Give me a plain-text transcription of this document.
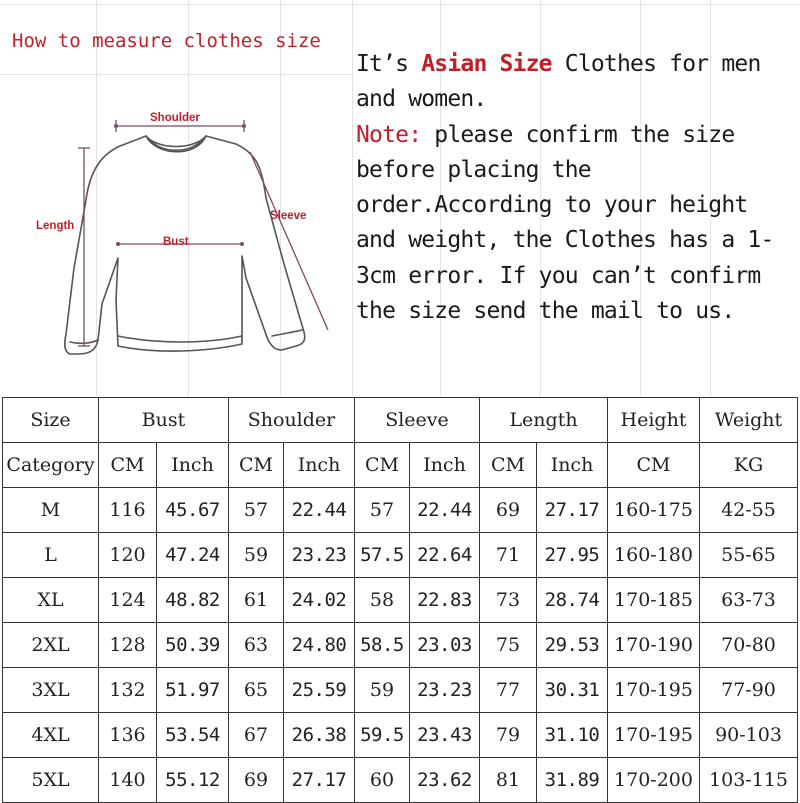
How to measure clothes size
Shoulder
Length
Bust
Sleeve
It’s Asian Size Clothes for men and women.
Note: please confirm the size before placing the order.According to your height and weight, the Clothes has a 1-3cm error. If you can’t confirm the size send the mail to us.
Size	Bust		Shoulder		Sleeve		Length		Height	Weight
Category	CM	Inch	CM	Inch	CM	Inch	CM	Inch	CM	KG
M	116	45.67	57	22.44	57	22.44	69	27.17	160-175	42-55
L	120	47.24	59	23.23	57.5	22.64	71	27.95	160-180	55-65
XL	124	48.82	61	24.02	58	22.83	73	28.74	170-185	63-73
2XL	128	50.39	63	24.80	58.5	23.03	75	29.53	170-190	70-80
3XL	132	51.97	65	25.59	59	23.23	77	30.31	170-195	77-90
4XL	136	53.54	67	26.38	59.5	23.43	79	31.10	170-195	90-103
5XL	140	55.12	69	27.17	60	23.62	81	31.89	170-200	103-115
